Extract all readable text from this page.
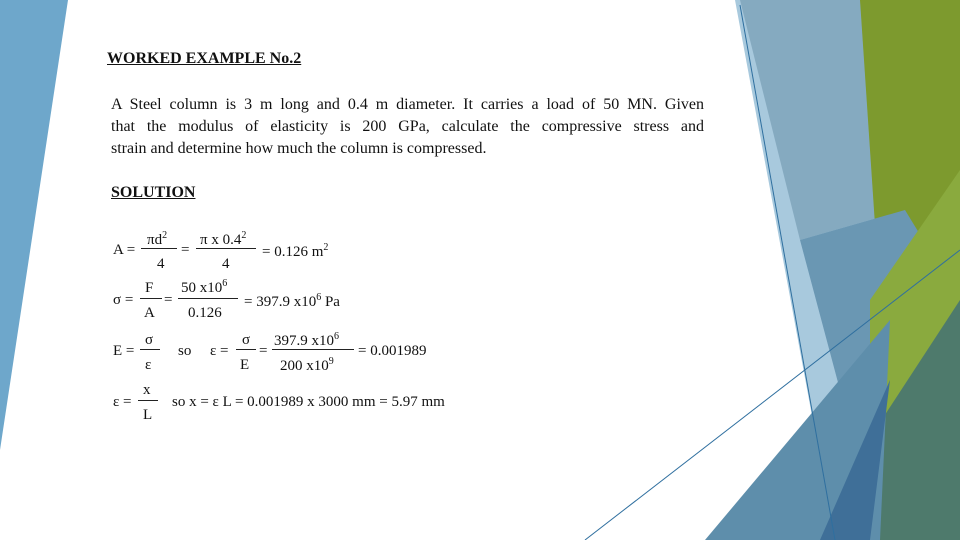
WORKED EXAMPLE No.2
A Steel column is 3 m long and 0.4 m diameter. It carries a load of 50 MN. Given
that the modulus of elasticity is 200 GPa, calculate the compressive stress and
strain and determine how much the column is compressed.
SOLUTION
A =
$\pi d^2$
4
=
π x $0.4^2$
4
= 0.126 $m^2$
σ =
F
A
=
50 $x10^6$
0.126
= 397.9 $x10^6$ Pa
E =
σ
ε
so ε =
σ
E
=
397.9 $x10^6$
200 $x10^9$
= 0.001989
ε =
x
L
so x = ε L = 0.001989 x 3000 mm = 5.97 mm
